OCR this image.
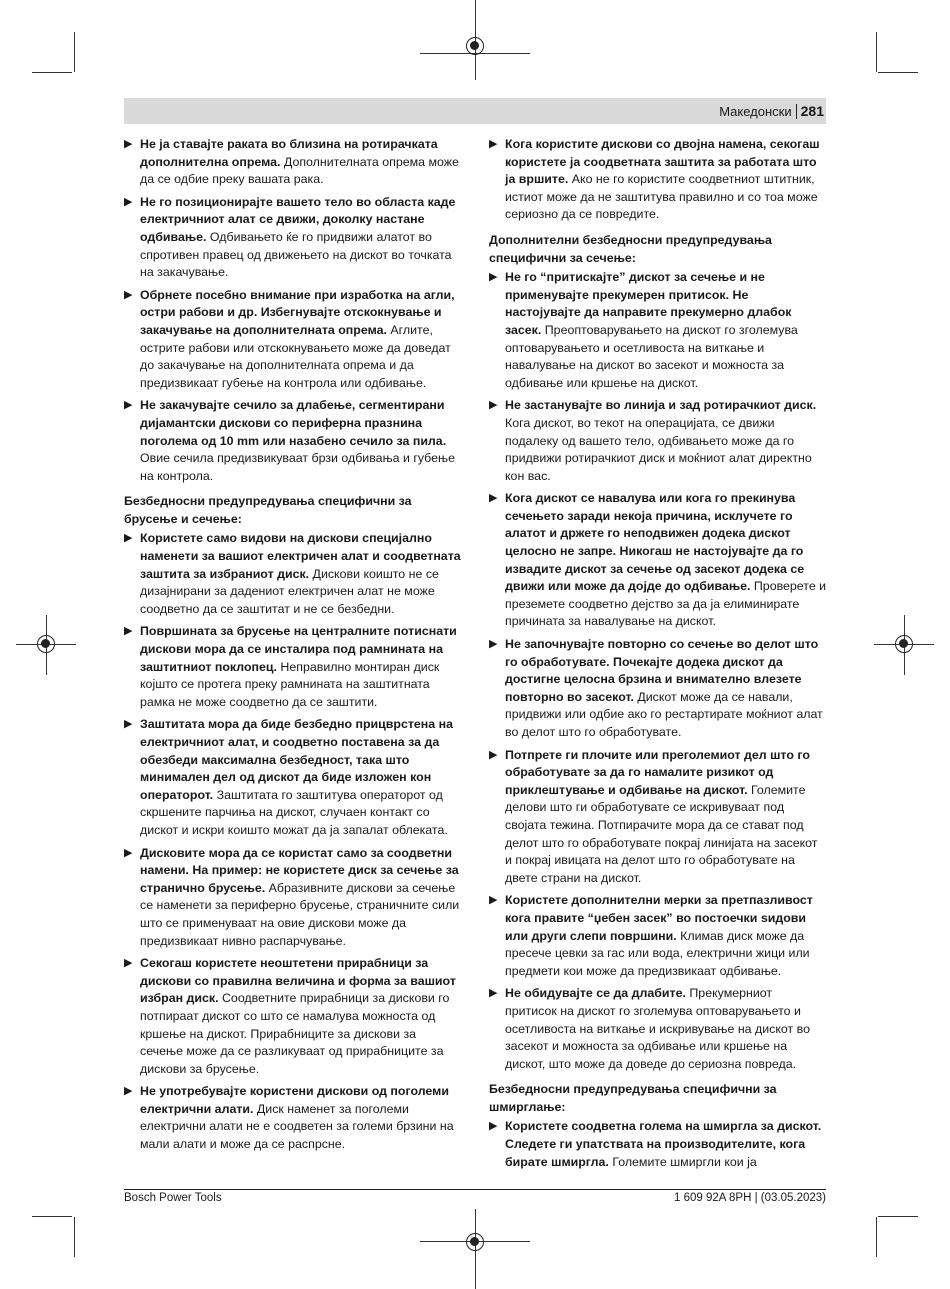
Македонски 281
▶ Не ја ставајте раката во близина на ротирачката дополнителна опрема. Дополнителната опрема може да се одбие преку вашата рака.
▶ Не го позиционирајте вашето тело во областа каде електричниот алат се движи, доколку настане одбивање. Одбивањето ќе го придвижи алатот во спротивен правец од движењето на дискот во точката на закачување.
▶ Обрнете посебно внимание при изработка на агли, остри рабови и др. Избегнувајте отскокнување и закачување на дополнителната опрема. Аглите, острите рабови или отскокнувањето може да доведат до закачување на дополнителната опрема и да предизвикаат губење на контрола или одбивање.
▶ Не закачувајте сечило за длабење, сегментирани дијамантски дискови со периферна празнина поголема од 10 mm или назабено сечило за пила. Овие сечила предизвикуваат брзи одбивања и губење на контрола.
Безбедносни предупредувања специфични за брусење и сечење:
▶ Користете само видови на дискови специјално наменети за вашиот електричен алат и соодветната заштита за избраниот диск. Дискови коишто не се дизајнирани за дадениот електричен алат не може соодветно да се заштитат и не се безбедни.
▶ Површината за брусење на централните потиснати дискови мора да се инсталира под рамнината на заштитниот поклопец. Неправилно монтиран диск којшто се протега преку рамнината на заштитната рамка не може соодветно да се заштити.
▶ Заштитата мора да биде безбедно прицврстена на електричниот алат, и соодветно поставена за да обезбеди максимална безбедност, така што минимален дел од дискот да биде изложен кон операторот. Заштитата го заштитува операторот од скршените парчиња на дискот, случаен контакт со дискот и искри коишто можат да ја запалат облеката.
▶ Дисковите мора да се користат само за соодветни намени. На пример: не користете диск за сечење за странично брусење. Абразивните дискови за сечење се наменети за периферно брусење, страничните сили што се применуваат на овие дискови може да предизвикаат нивно распарчување.
▶ Секогаш користете неоштетени прирабници за дискови со правилна величина и форма за вашиот избран диск. Соодветните прирабници за дискови го потпираат дискот со што се намалува можноста од кршење на дискот. Прирабниците за дискови за сечење може да се разликуваат од прирабниците за дискови за брусење.
▶ Не употребувајте користени дискови од поголеми електрични алати. Диск наменет за поголеми електрични алати не е соодветен за големи брзини на мали алати и може да се распрсне.
▶ Кога користите дискови со двојна намена, секогаш користете ја соодветната заштита за работата што ја вршите. Ако не го користите соодветниот штитник, истиот може да не заштитува правилно и со тоа може сериозно да се повредите.
Дополнителни безбедносни предупредувања специфични за сечење:
▶ Не го “притискајте” дискот за сечење и не применувајте прекумерен притисок. Не настојувајте да направите прекумерно длабок засек. Преоптоварувањето на дискот го зголемува оптоварувањето и осетливоста на виткање и навалување на дискот во засекот и можноста за одбивање или кршење на дискот.
▶ Не застанувајте во линија и зад ротирачкиот диск. Кога дискот, во текот на операцијата, се движи подалеку од вашето тело, одбивањето може да го придвижи ротирачкиот диск и моќниот алат директно кон вас.
▶ Кога дискот се навалува или кога го прекинува сечењето заради некоја причина, исклучете го алатот и држете го неподвижен додека дискот целосно не запре. Никогаш не настојувајте да го извадите дискот за сечење од засекот додека се движи или може да дојде до одбивање. Проверете и преземете соодветно дејство за да ја елиминирате причината за навалување на дискот.
▶ Не започнувајте повторно со сечење во делот што го обработувате. Почекајте додека дискот да достигне целосна брзина и внимателно влезете повторно во засекот. Дискот може да се навали, придвижи или одбие ако го рестартирате моќниот алат во делот што го обработувате.
▶ Потпрете ги плочите или преголемиот дел што го обработувате за да го намалите ризикот од приклештување и одбивање на дискот. Големите делови што ги обработувате се искривуваат под својата тежина. Потпирачите мора да се стават под делот што го обработувате покрај линијата на засекот и покрај ивицата на делот што го обработувате на двете страни на дискот.
▶ Користете дополнителни мерки за претпазливост кога правите “џебен засек” во постоечки ѕидови или други слепи површини. Климав диск може да пресече цевки за гас или вода, електрични жици или предмети кои може да предизвикаат одбивање.
▶ Не обидувајте се да длабите. Прекумерниот притисок на дискот го зголемува оптоварувањето и осетливоста на виткање и искривување на дискот во засекот и можноста за одбивање или кршење на дискот, што може да доведе до сериозна повреда.
Безбедносни предупредувања специфични за шмирглање:
▶ Користете соодветна голема на шмиргла за дискот. Следете ги упатствата на производителите, кога бирате шмиргла. Големите шмиргли кои ја
Bosch Power Tools	1 609 92A 8PH | (03.05.2023)
